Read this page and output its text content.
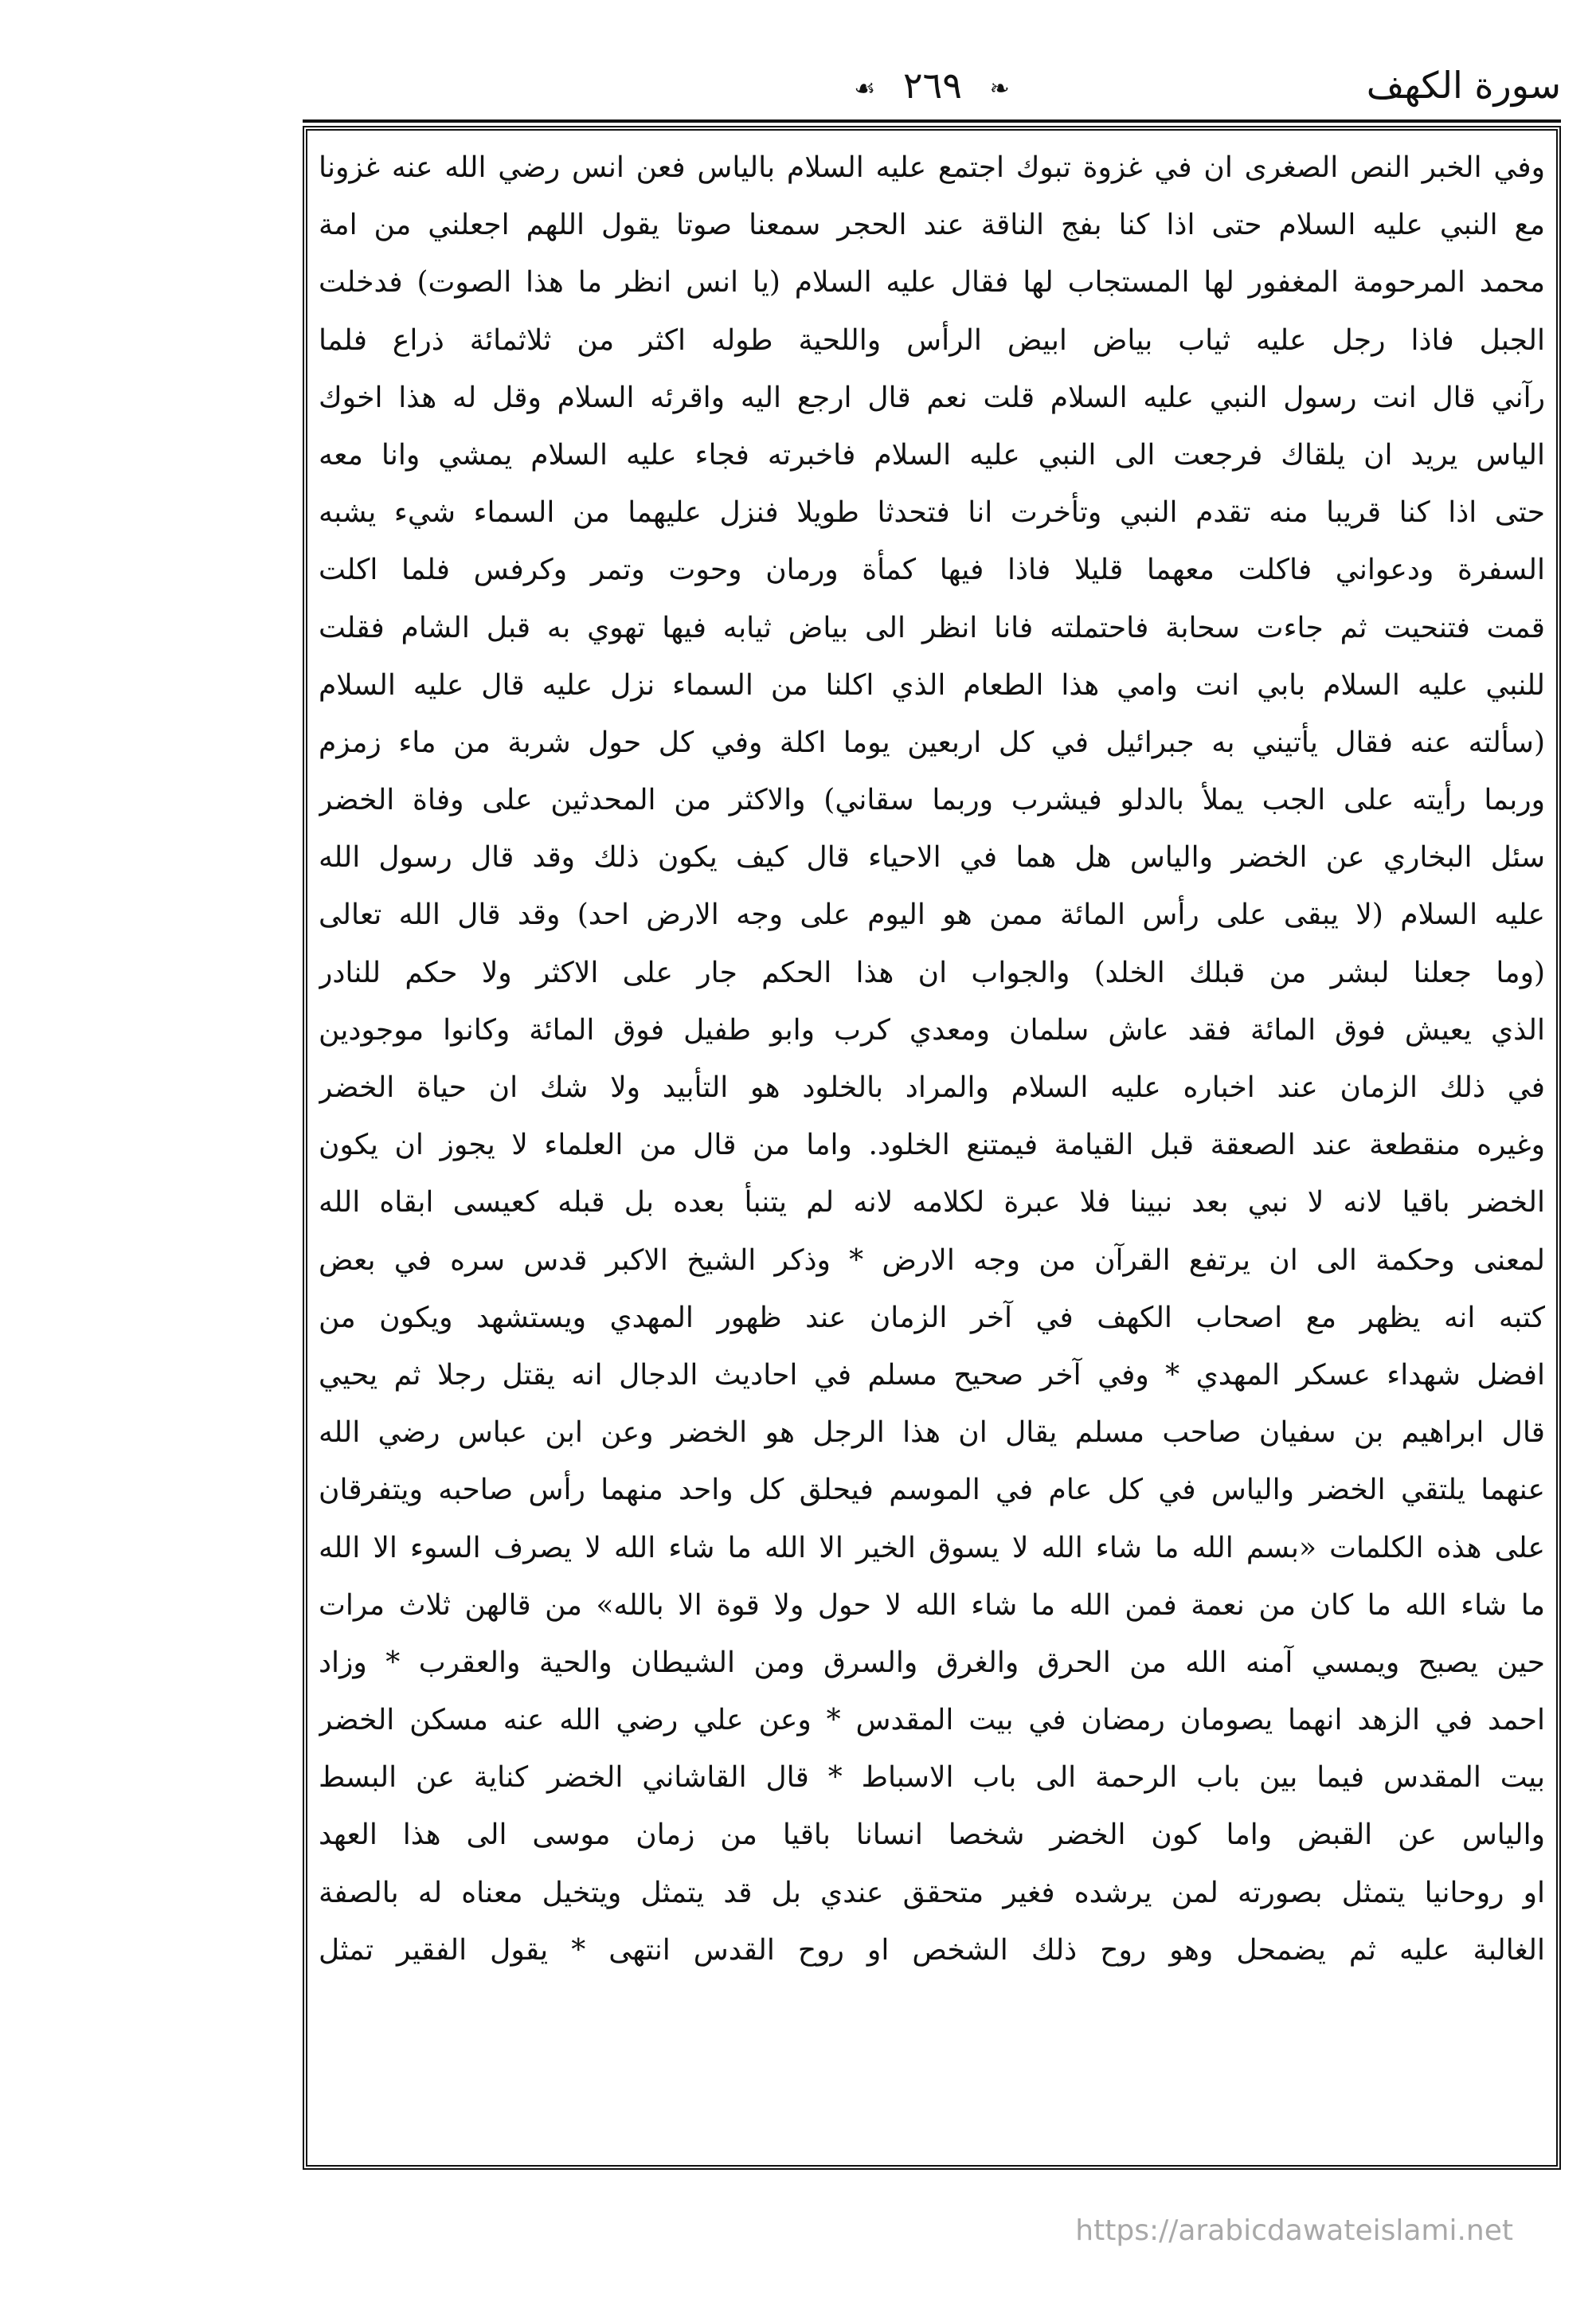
سورة الكهف
❧ ٢٦٩ ☙
وفي الخبر النص الصغرى ان في غزوة تبوك اجتمع عليه السلام بالياس فعن انس رضي الله عنه غزونا
مع النبي عليه السلام حتى اذا كنا بفج الناقة عند الحجر سمعنا صوتا يقول اللهم اجعلني من امة
محمد المرحومة المغفور لها المستجاب لها فقال عليه السلام (يا انس انظر ما هذا الصوت) فدخلت
الجبل فاذا رجل عليه ثياب بياض ابيض الرأس واللحية طوله اكثر من ثلاثمائة ذراع فلما
رآني قال انت رسول النبي عليه السلام قلت نعم قال ارجع اليه واقرئه السلام وقل له هذا اخوك
الياس يريد ان يلقاك فرجعت الى النبي عليه السلام فاخبرته فجاء عليه السلام يمشي وانا معه
حتى اذا كنا قريبا منه تقدم النبي وتأخرت انا فتحدثا طويلا فنزل عليهما من السماء شيء يشبه
السفرة ودعواني فاكلت معهما قليلا فاذا فيها كمأة ورمان وحوت وتمر وكرفس فلما اكلت
قمت فتنحيت ثم جاءت سحابة فاحتملته فانا انظر الى بياض ثيابه فيها تهوي به قبل الشام فقلت
للنبي عليه السلام بابي انت وامي هذا الطعام الذي اكلنا من السماء نزل عليه قال عليه السلام
(سألته عنه فقال يأتيني به جبرائيل في كل اربعين يوما اكلة وفي كل حول شربة من ماء زمزم
وربما رأيته على الجب يملأ بالدلو فيشرب وربما سقاني) والاكثر من المحدثين على وفاة الخضر
سئل البخاري عن الخضر والياس هل هما في الاحياء قال كيف يكون ذلك وقد قال رسول الله
عليه السلام (لا يبقى على رأس المائة ممن هو اليوم على وجه الارض احد) وقد قال الله تعالى
(وما جعلنا لبشر من قبلك الخلد) والجواب ان هذا الحكم جار على الاكثر ولا حكم للنادر
الذي يعيش فوق المائة فقد عاش سلمان ومعدي كرب وابو طفيل فوق المائة وكانوا موجودين
في ذلك الزمان عند اخباره عليه السلام والمراد بالخلود هو التأبيد ولا شك ان حياة الخضر
وغيره منقطعة عند الصعقة قبل القيامة فيمتنع الخلود. واما من قال من العلماء لا يجوز ان يكون
الخضر باقيا لانه لا نبي بعد نبينا فلا عبرة لكلامه لانه لم يتنبأ بعده بل قبله كعيسى ابقاه الله
لمعنى وحكمة الى ان يرتفع القرآن من وجه الارض * وذكر الشيخ الاكبر قدس سره في بعض
كتبه انه يظهر مع اصحاب الكهف في آخر الزمان عند ظهور المهدي ويستشهد ويكون من
افضل شهداء عسكر المهدي * وفي آخر صحيح مسلم في احاديث الدجال انه يقتل رجلا ثم يحيي
قال ابراهيم بن سفيان صاحب مسلم يقال ان هذا الرجل هو الخضر وعن ابن عباس رضي الله
عنهما يلتقي الخضر والياس في كل عام في الموسم فيحلق كل واحد منهما رأس صاحبه ويتفرقان
على هذه الكلمات «بسم الله ما شاء الله لا يسوق الخير الا الله ما شاء الله لا يصرف السوء الا الله
ما شاء الله ما كان من نعمة فمن الله ما شاء الله لا حول ولا قوة الا بالله» من قالهن ثلاث مرات
حين يصبح ويمسي آمنه الله من الحرق والغرق والسرق ومن الشيطان والحية والعقرب * وزاد
احمد في الزهد انهما يصومان رمضان في بيت المقدس * وعن علي رضي الله عنه مسكن الخضر
بيت المقدس فيما بين باب الرحمة الى باب الاسباط * قال القاشاني الخضر كناية عن البسط
والياس عن القبض واما كون الخضر شخصا انسانا باقيا من زمان موسى الى هذا العهد
او روحانيا يتمثل بصورته لمن يرشده فغير متحقق عندي بل قد يتمثل ويتخيل معناه له بالصفة
الغالبة عليه ثم يضمحل وهو روح ذلك الشخص او روح القدس انتهى * يقول الفقير تمثل
https://arabicdawateislami.net
